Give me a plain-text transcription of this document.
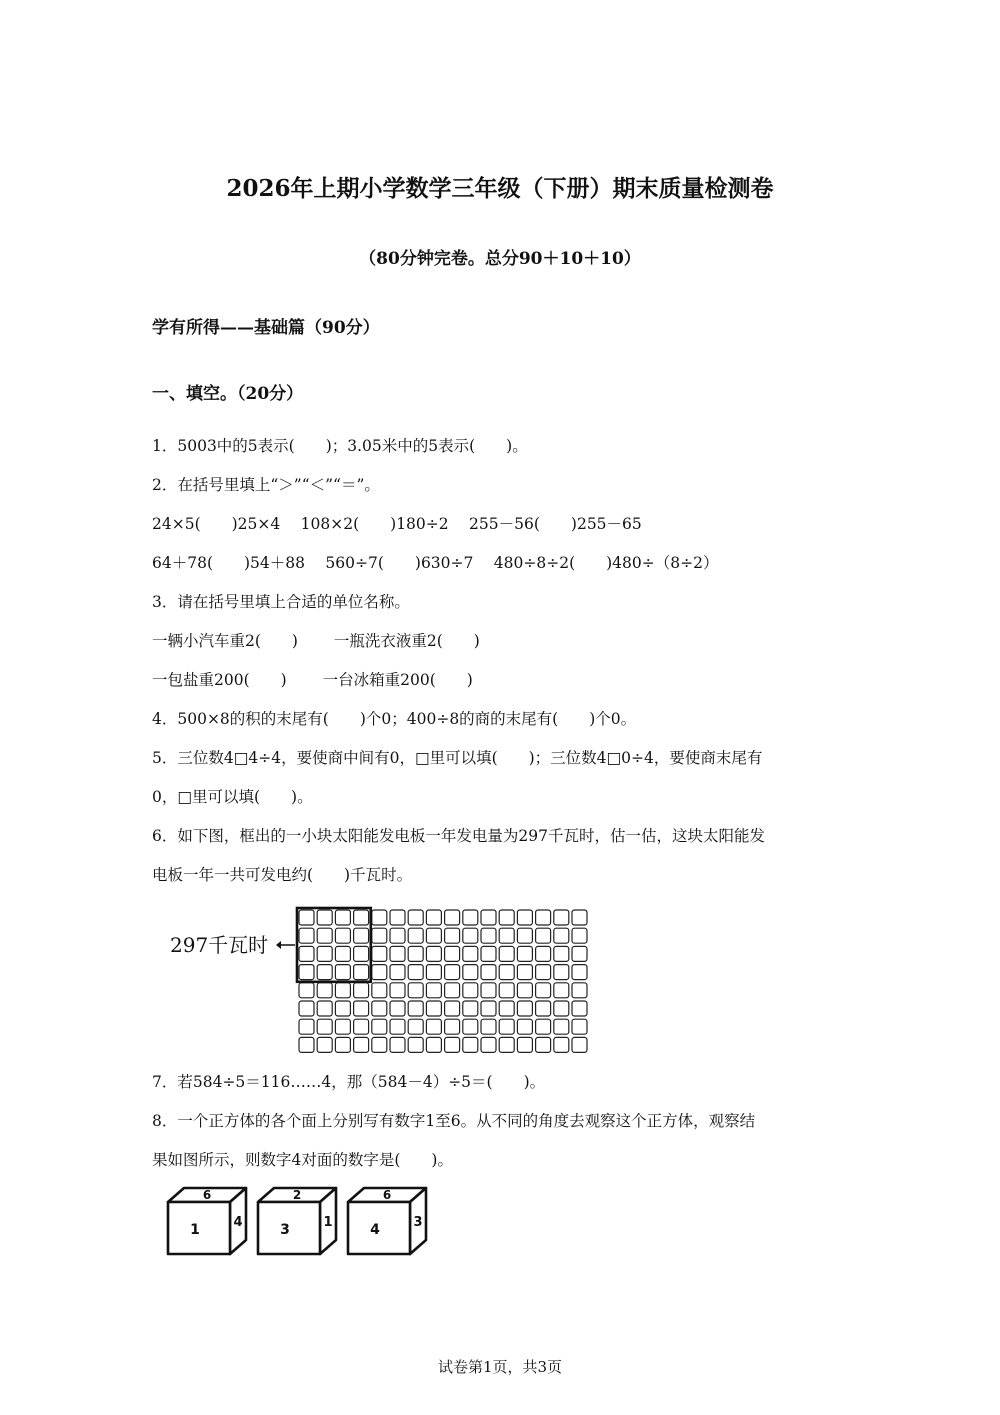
2026年上期小学数学三年级（下册）期末质量检测卷
（80分钟完卷。总分90＋10＋10）
学有所得——基础篇（90分）
一、填空。（20分）
1．5003中的5表示(　　)；3.05米中的5表示(　　)。
2．在括号里填上“＞”“＜”“＝”。
24×5(　　)25×4　 108×2(　　)180÷2　 255－56(　　)255－65
64＋78(　　)54＋88　 560÷7(　　)630÷7　 480÷8÷2(　　)480÷（8÷2）
3．请在括号里填上合适的单位名称。
一辆小汽车重2(　　)　　 一瓶洗衣液重2(　　)
一包盐重200(　　)　　 一台冰箱重200(　　)
4．500×8的积的末尾有(　　)个0；400÷8的商的末尾有(　　)个0。
5．三位数4□4÷4，要使商中间有0，□里可以填(　　)；三位数4□0÷4，要使商末尾有
0，□里可以填(　　)。
6．如下图，框出的一小块太阳能发电板一年发电量为297千瓦时，估一估，这块太阳能发
电板一年一共可发电约(　　)千瓦时。
297千瓦时
7．若584÷5＝116……4，那（584－4）÷5＝(　　)。
8．一个正方体的各个面上分别写有数字1至6。从不同的角度去观察这个正方体，观察结
果如图所示，则数字4对面的数字是(　　)。
6
1	4
2
3	1
6
4	3
试卷第1页，共3页
